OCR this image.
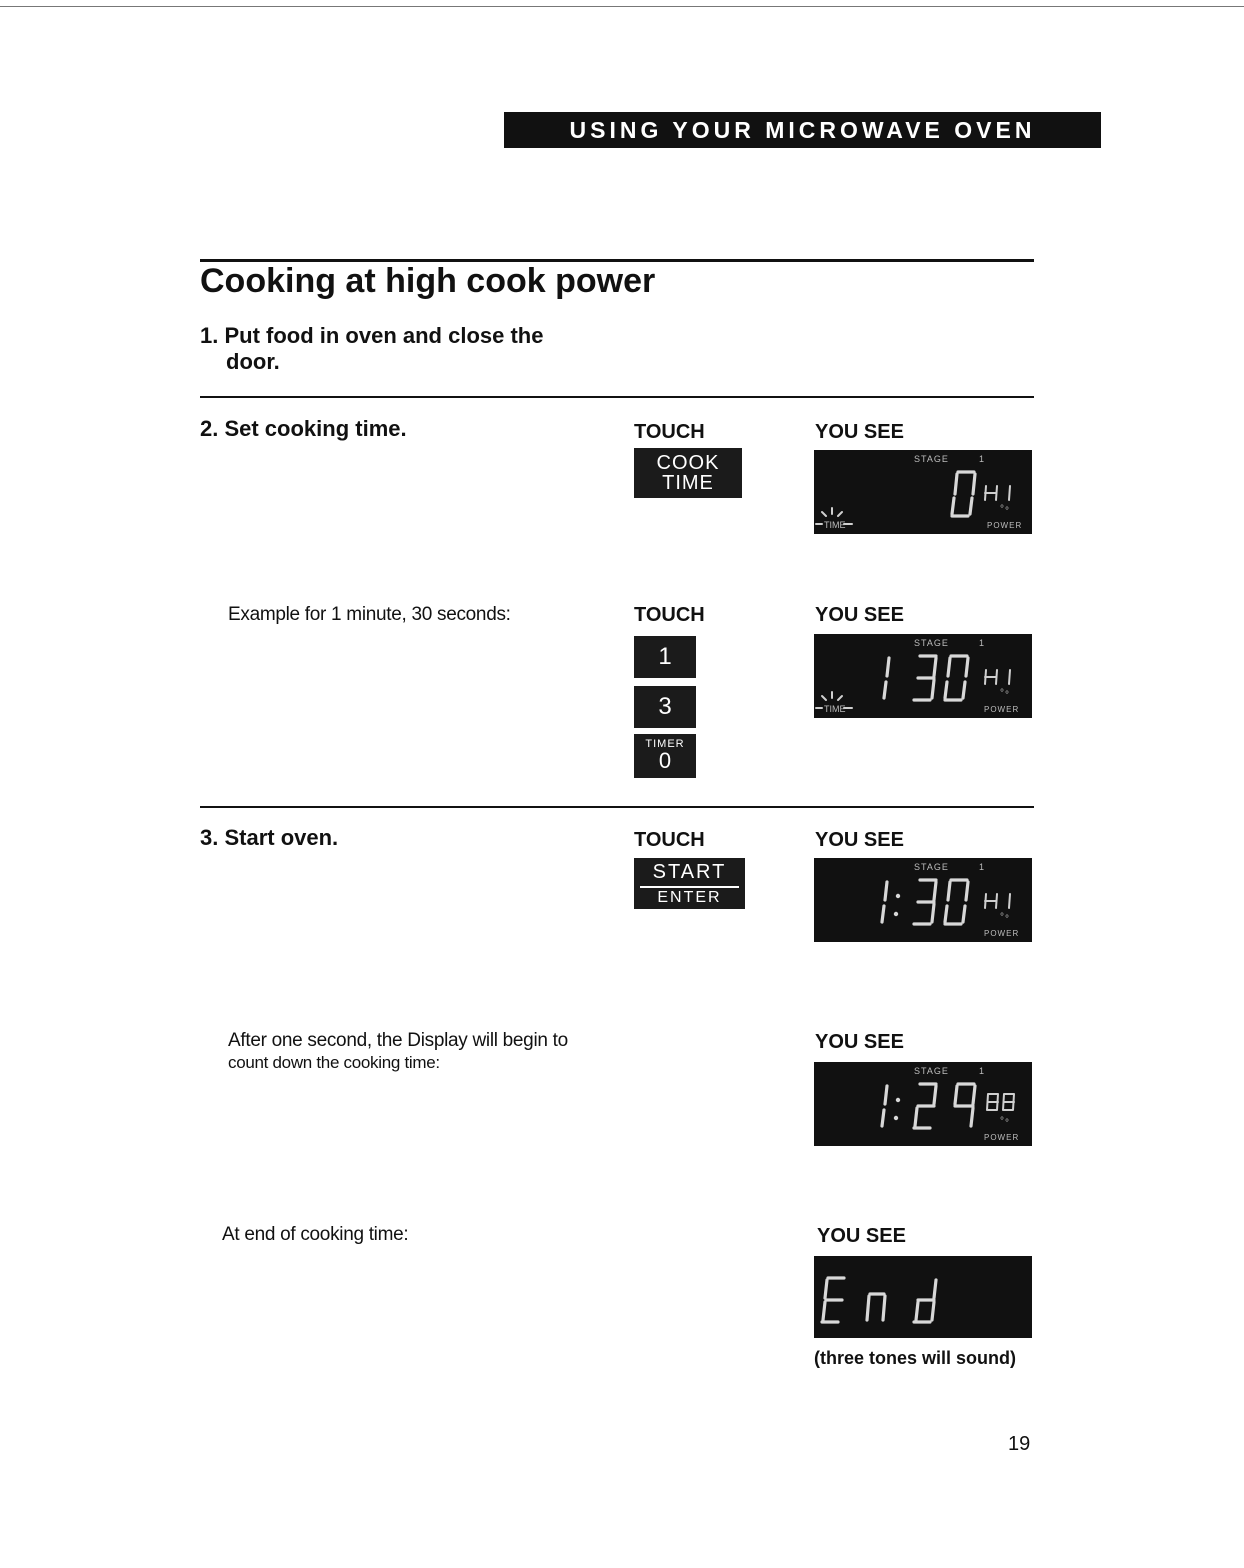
USING YOUR MICROWAVE OVEN
Cooking at high cook power
1. Put food in oven and close the
door.
2. Set cooking time.	TOUCH	YOU SEE
COOK
TIME
STAGE	1
° °
POWER
TIME
Example for 1 minute, 30 seconds:	TOUCH	YOU SEE
1
3
TIMER
0
STAGE	1
° °
POWER
TIME
3. Start oven.	TOUCH	YOU SEE
START
ENTER
STAGE	1
° °
POWER
After one second, the Display will begin to
count down the cooking time:
YOU SEE
STAGE	1
° °
POWER
At end of cooking time:	YOU SEE
(three tones will sound)
19
